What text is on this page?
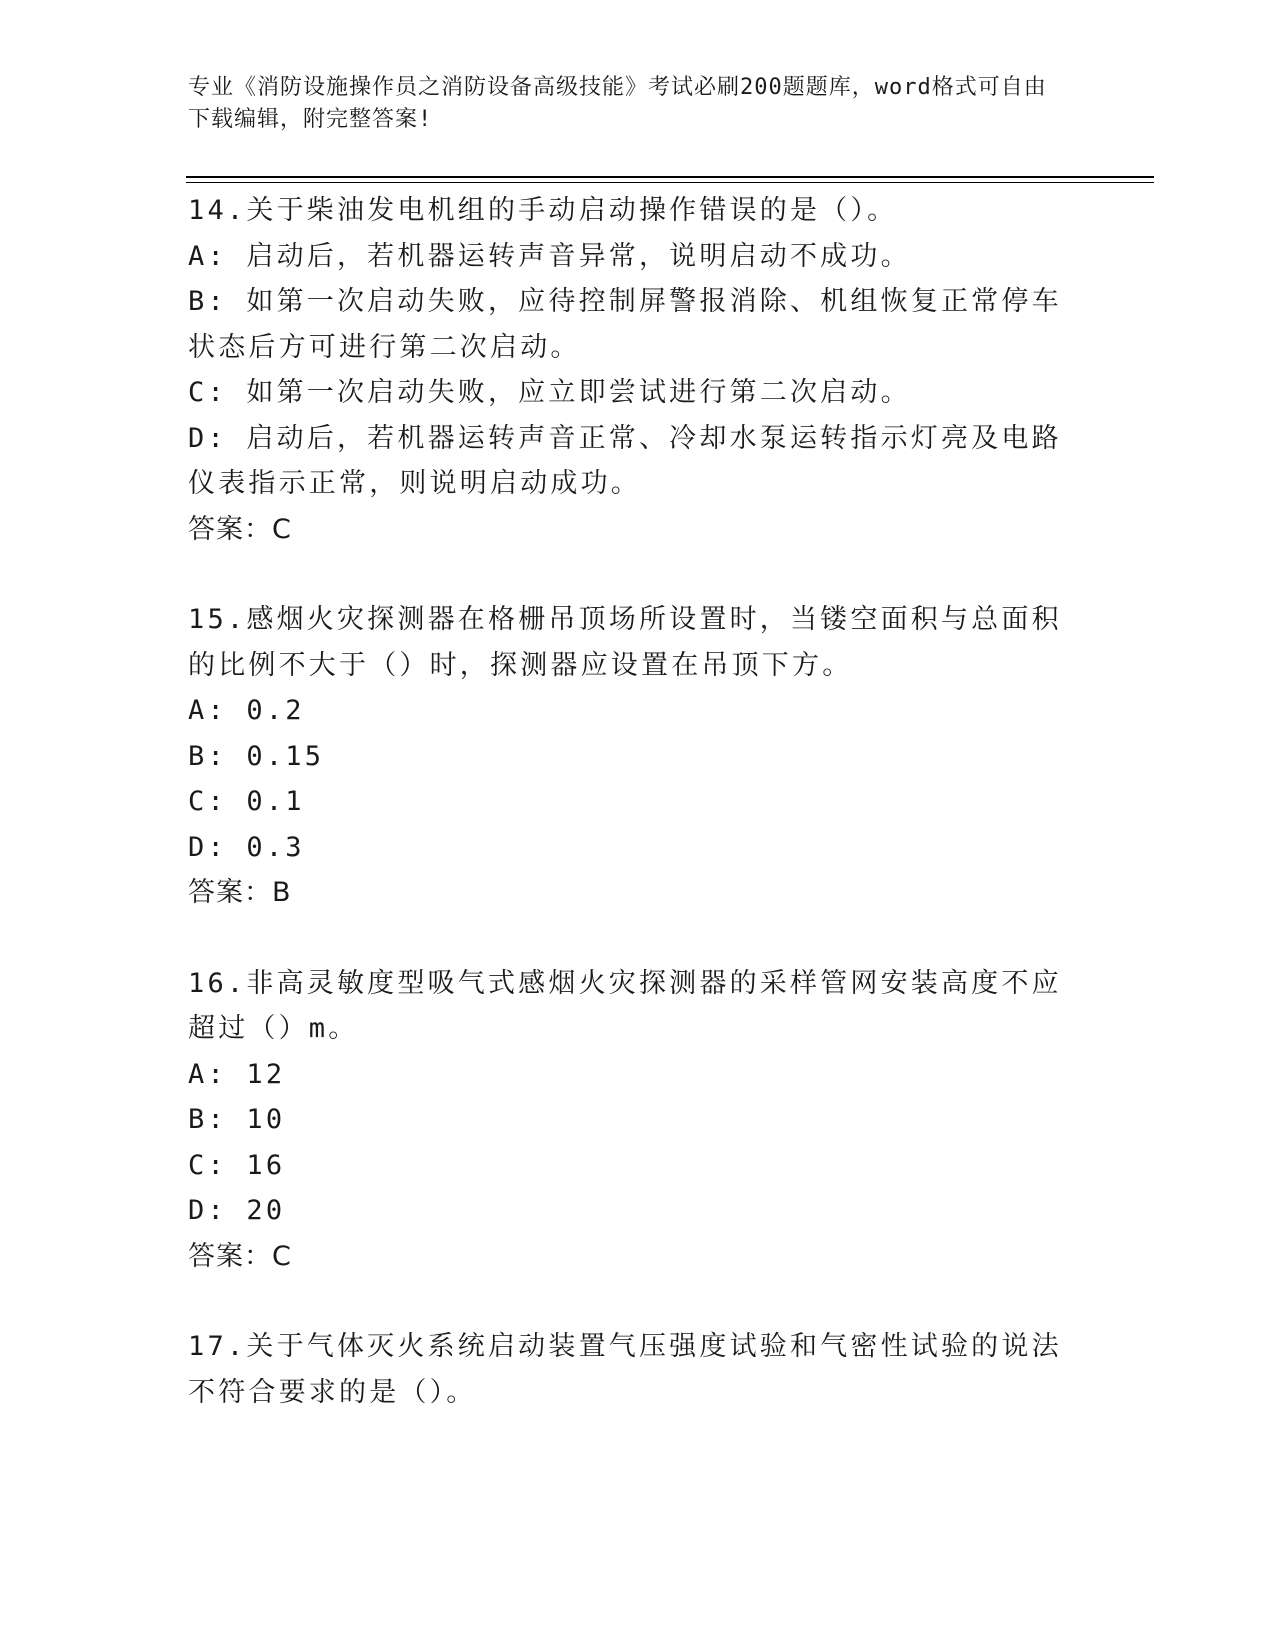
专业《消防设施操作员之消防设备高级技能》考试必刷200题题库，word格式可自由下载编辑，附完整答案!
14.关于柴油发电机组的手动启动操作错误的是（）。
A: 启动后，若机器运转声音异常，说明启动不成功。
B: 如第一次启动失败，应待控制屏警报消除、机组恢复正常停车状态后方可进行第二次启动。
C: 如第一次启动失败，应立即尝试进行第二次启动。
D: 启动后，若机器运转声音正常、冷却水泵运转指示灯亮及电路仪表指示正常，则说明启动成功。
答案：C
15.感烟火灾探测器在格栅吊顶场所设置时，当镂空面积与总面积的比例不大于（）时，探测器应设置在吊顶下方。
A: 0.2
B: 0.15
C: 0.1
D: 0.3
答案：B
16.非高灵敏度型吸气式感烟火灾探测器的采样管网安装高度不应超过（）m。
A: 12
B: 10
C: 16
D: 20
答案：C
17.关于气体灭火系统启动装置气压强度试验和气密性试验的说法不符合要求的是（）。
